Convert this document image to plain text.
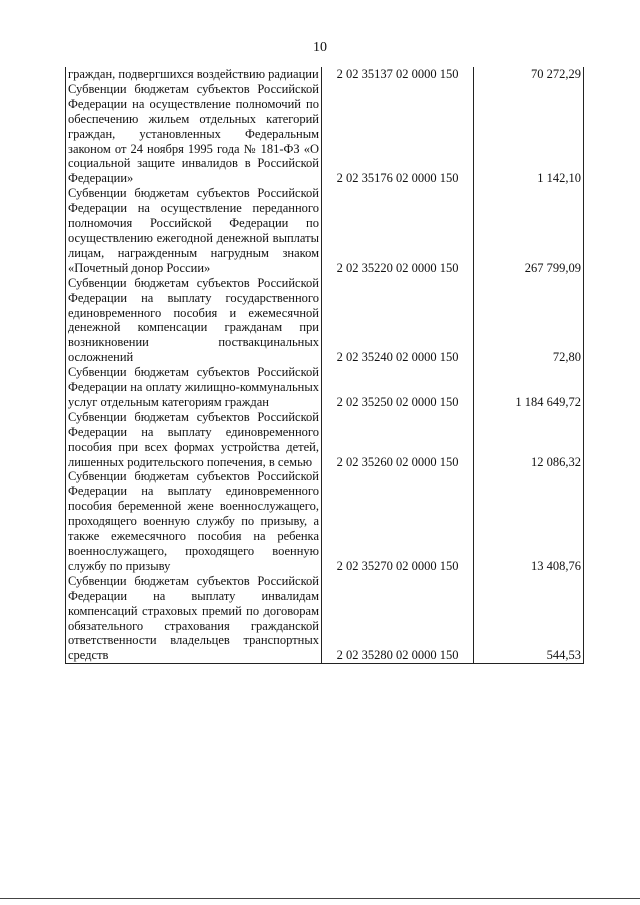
10
граждан, подвергшихся воздействию радиации	2 02 35137 02 0000 150	70 272,29
Субвенции бюджетам субъектов Российской Федерации на осуществление полномочий по обеспечению жильем отдельных категорий граждан, установленных Федеральным законом от 24 ноября 1995 года № 181-ФЗ «О социальной защите инвалидов в Российской Федерации»	2 02 35176 02 0000 150	1 142,10
Субвенции бюджетам субъектов Российской Федерации на осуществление переданного полномочия Российской Федерации по осуществлению ежегодной денежной выплаты лицам, награжденным нагрудным знаком «Почетный донор России»	2 02 35220 02 0000 150	267 799,09
Субвенции бюджетам субъектов Российской Федерации на выплату государственного единовременного пособия и ежемесячной денежной компенсации гражданам при возникновении поствакцинальных осложнений	2 02 35240 02 0000 150	72,80
Субвенции бюджетам субъектов Российской Федерации на оплату жилищно-коммунальных услуг отдельным категориям граждан	2 02 35250 02 0000 150	1 184 649,72
Субвенции бюджетам субъектов Российской Федерации на выплату единовременного пособия при всех формах устройства детей, лишенных родительского попечения, в семью	2 02 35260 02 0000 150	12 086,32
Субвенции бюджетам субъектов Российской Федерации на выплату единовременного пособия беременной жене военнослужащего, проходящего военную службу по призыву, а также ежемесячного пособия на ребенка военнослужащего, проходящего военную службу по призыву	2 02 35270 02 0000 150	13 408,76
Субвенции бюджетам субъектов Российской Федерации на выплату инвалидам компенсаций страховых премий по договорам обязательного страхования гражданской ответственности владельцев транспортных средств	2 02 35280 02 0000 150	544,53
